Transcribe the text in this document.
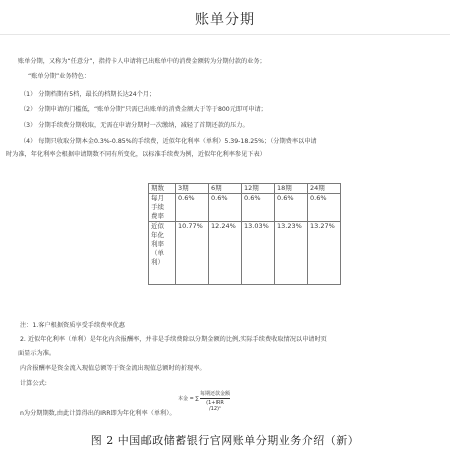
账单分期
账单分期，又称为“任意分”，指持卡人申请将已出账单中的消费金额转为分期付款的业务；
“账单分期”业务特色：
（1） 分期档期有5档，最长的档期长达24个月；
（2） 分期申请的门槛低，“账单分期”只需已出账单的消费金额大于等于800元即可申请；
（3） 分期手续费分期收取，无需在申请分期时一次缴纳，减轻了首期还款的压力。
（4） 每期只收取分期本金0.3%-0.85%的手续费，近似年化利率（单利）5.39-18.25%；（分期费率以申请
时为准，年化利率会根据申请期数不同有所变化，以标准手续费为例，近似年化利率参见下表）
期数	3期	6期	12期	18期	24期
每月
手续
费率	0.6%	0.6%	0.6%	0.6%	0.6%
近似
年化
利率
（单
利）	10.77%	12.24%	13.03%	13.23%	13.27%
注：1.客户根据资质享受手续费率优惠
2. 近似年化利率（单利）是年化内含报酬率，并非是手续费除以分期金额的比例,实际手续费收取情况以申请时页
面显示为准。
内含报酬率是资金流入现值总额等于资金流出现值总额时的折现率。
计算公式:
本金 = ∑
每期还款金额
(1+IRR /12)ⁿ
n为分期期数,由此计算得出的IRR即为年化利率（单利）。
图 2 中国邮政储蓄银行官网账单分期业务介绍（新）
